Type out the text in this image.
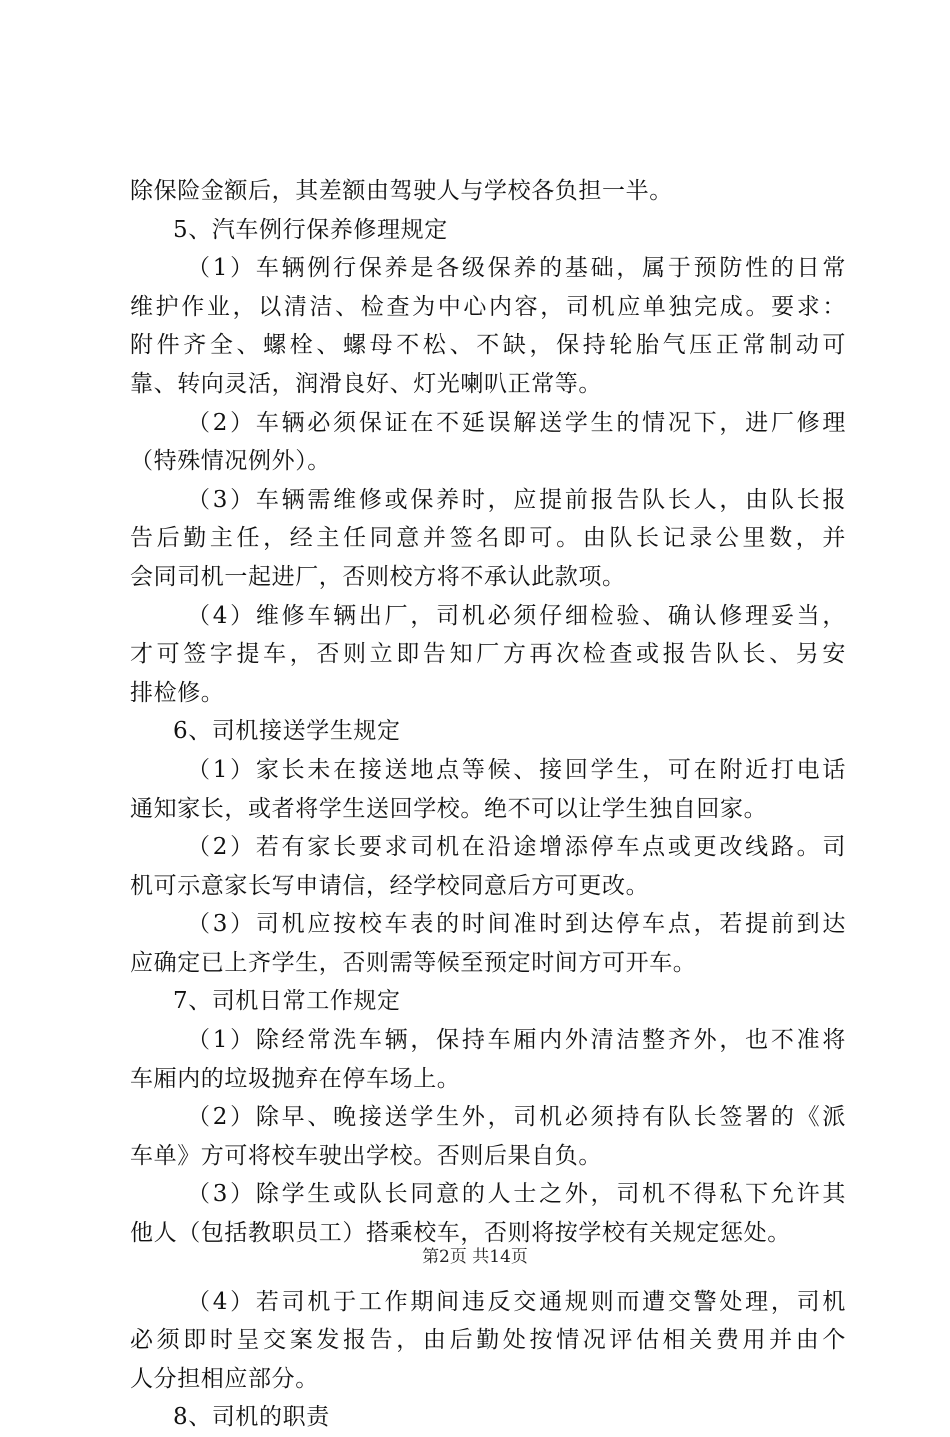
除保险金额后，其差额由驾驶人与学校各负担一半。
5、汽车例行保养修理规定
（1）车辆例行保养是各级保养的基础，属于预防性的日常
维护作业，以清洁、检查为中心内容，司机应单独完成。要求：
附件齐全、螺栓、螺母不松、不缺，保持轮胎气压正常制动可
靠、转向灵活，润滑良好、灯光喇叭正常等。
（2）车辆必须保证在不延误解送学生的情况下，进厂修理
（特殊情况例外）。
（3）车辆需维修或保养时，应提前报告队长人，由队长报
告后勤主任，经主任同意并签名即可。由队长记录公里数，并
会同司机一起进厂，否则校方将不承认此款项。
（4）维修车辆出厂，司机必须仔细检验、确认修理妥当，
才可签字提车，否则立即告知厂方再次检查或报告队长、另安
排检修。
6、司机接送学生规定
（1）家长未在接送地点等候、接回学生，可在附近打电话
通知家长，或者将学生送回学校。绝不可以让学生独自回家。
（2）若有家长要求司机在沿途增添停车点或更改线路。司
机可示意家长写申请信，经学校同意后方可更改。
（3）司机应按校车表的时间准时到达停车点，若提前到达
应确定已上齐学生，否则需等候至预定时间方可开车。
7、司机日常工作规定
（1）除经常洗车辆，保持车厢内外清洁整齐外，也不准将
车厢内的垃圾抛弃在停车场上。
（2）除早、晚接送学生外，司机必须持有队长签署的《派
车单》方可将校车驶出学校。否则后果自负。
（3）除学生或队长同意的人士之外，司机不得私下允许其
他人（包括教职员工）搭乘校车，否则将按学校有关规定惩处。
（4）若司机于工作期间违反交通规则而遭交警处理，司机
必须即时呈交案发报告，由后勤处按情况评估相关费用并由个
人分担相应部分。
8、司机的职责
第2页 共14页
